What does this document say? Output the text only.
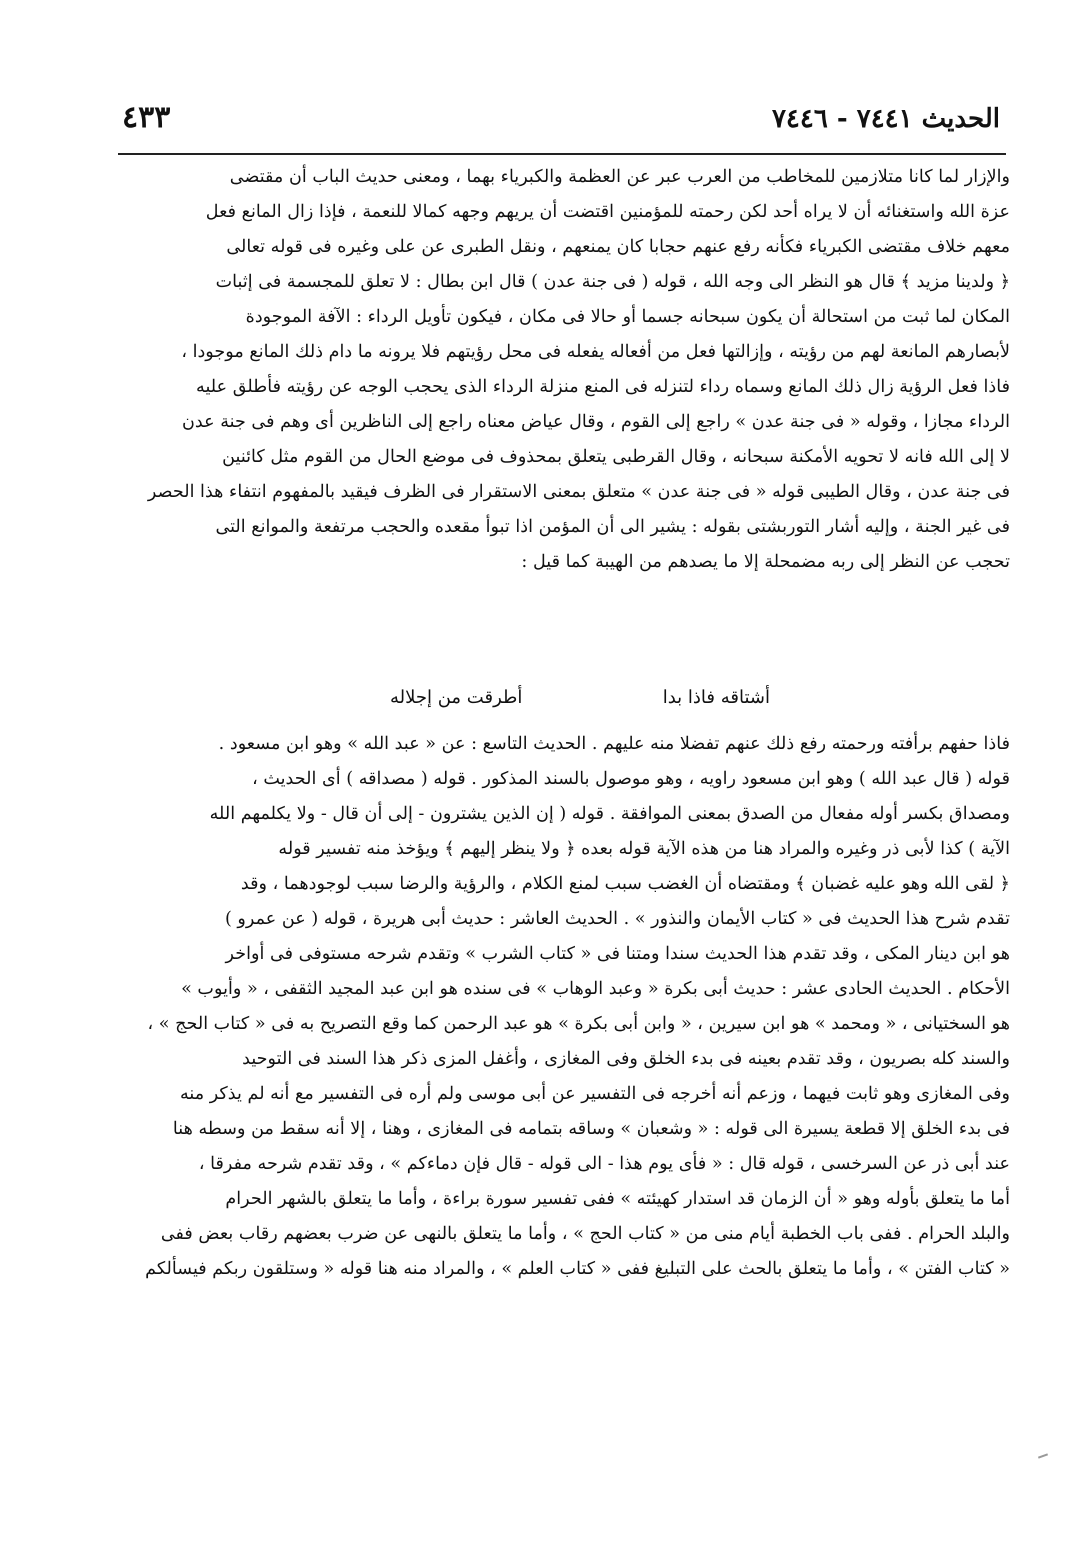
الحديث ٧٤٤١ - ٧٤٤٦
٤٣٣
والإزار لما كانا متلازمين للمخاطب من العرب عبر عن العظمة والكبرياء بهما ، ومعنى حديث الباب أن مقتضى
عزة الله واستغنائه أن لا يراه أحد لكن رحمته للمؤمنين اقتضت أن يريهم وجهه كمالا للنعمة ، فإذا زال المانع فعل
معهم خلاف مقتضى الكبرياء فكأنه رفع عنهم حجابا كان يمنعهم ، ونقل الطبرى عن على وغيره فى قوله تعالى
﴿ ولدينا مزيد ﴾ قال هو النظر الى وجه الله ، قوله ( فى جنة عدن ) قال ابن بطال : لا تعلق للمجسمة فى إثبات
المكان لما ثبت من استحالة أن يكون سبحانه جسما أو حالا فى مكان ، فيكون تأويل الرداء : الآفة الموجودة
لأبصارهم المانعة لهم من رؤيته ، وإزالتها فعل من أفعاله يفعله فى محل رؤيتهم فلا يرونه ما دام ذلك المانع موجودا ،
فاذا فعل الرؤية زال ذلك المانع وسماه رداء لتنزله فى المنع منزلة الرداء الذى يحجب الوجه عن رؤيته فأطلق عليه
الرداء مجازا ، وقوله « فى جنة عدن » راجع إلى القوم ، وقال عياض معناه راجع إلى الناظرين أى وهم فى جنة عدن
لا إلى الله فانه لا تحويه الأمكنة سبحانه ، وقال القرطبى يتعلق بمحذوف فى موضع الحال من القوم مثل كائنين
فى جنة عدن ، وقال الطيبى قوله « فى جنة عدن » متعلق بمعنى الاستقرار فى الظرف فيقيد بالمفهوم انتفاء هذا الحصر
فى غير الجنة ، وإليه أشار التوربشتى بقوله : يشير الى أن المؤمن اذا تبوأ مقعده والحجب مرتفعة والموانع التى
تحجب عن النظر إلى ربه مضمحلة إلا ما يصدهم من الهيبة كما قيل :
أشتاقه فاذا بدا
أطرقت من إجلاله
فاذا حفهم برأفته ورحمته رفع ذلك عنهم تفضلا منه عليهم . الحديث التاسع : عن « عبد الله » وهو ابن مسعود .
قوله ( قال عبد الله ) وهو ابن مسعود راويه ، وهو موصول بالسند المذكور . قوله ( مصداقه ) أى الحديث ،
ومصداق بكسر أوله مفعال من الصدق بمعنى الموافقة . قوله ( إن الذين يشترون - إلى أن قال - ولا يكلمهم الله
الآية ) كذا لأبى ذر وغيره والمراد هنا من هذه الآية قوله بعده ﴿ ولا ينظر إليهم ﴾ ويؤخذ منه تفسير قوله
﴿ لقى الله وهو عليه غضبان ﴾ ومقتضاه أن الغضب سبب لمنع الكلام ، والرؤية والرضا سبب لوجودهما ، وقد
تقدم شرح هذا الحديث فى « كتاب الأيمان والنذور » . الحديث العاشر : حديث أبى هريرة ، قوله ( عن عمرو )
هو ابن دينار المكى ، وقد تقدم هذا الحديث سندا ومتنا فى « كتاب الشرب » وتقدم شرحه مستوفى فى أواخر
الأحكام . الحديث الحادى عشر : حديث أبى بكرة « وعبد الوهاب » فى سنده هو ابن عبد المجيد الثقفى ، « وأيوب »
هو السختيانى ، « ومحمد » هو ابن سيرين ، « وابن أبى بكرة » هو عبد الرحمن كما وقع التصريح به فى « كتاب الحج » ،
والسند كله بصريون ، وقد تقدم بعينه فى بدء الخلق وفى المغازى ، وأغفل المزى ذكر هذا السند فى التوحيد
وفى المغازى وهو ثابت فيهما ، وزعم أنه أخرجه فى التفسير عن أبى موسى ولم أره فى التفسير مع أنه لم يذكر منه
فى بدء الخلق إلا قطعة يسيرة الى قوله : « وشعبان » وساقه بتمامه فى المغازى ، وهنا ، إلا أنه سقط من وسطه هنا
عند أبى ذر عن السرخسى ، قوله قال : « فأى يوم هذا - الى قوله - قال فإن دماءكم » ، وقد تقدم شرحه مفرقا ،
أما ما يتعلق بأوله وهو « أن الزمان قد استدار كهيئته » ففى تفسير سورة براءة ، وأما ما يتعلق بالشهر الحرام
والبلد الحرام . ففى باب الخطبة أيام منى من « كتاب الحج » ، وأما ما يتعلق بالنهى عن ضرب بعضهم رقاب بعض ففى
« كتاب الفتن » ، وأما ما يتعلق بالحث على التبليغ ففى « كتاب العلم » ، والمراد منه هنا قوله « وستلقون ربكم فيسألكم
